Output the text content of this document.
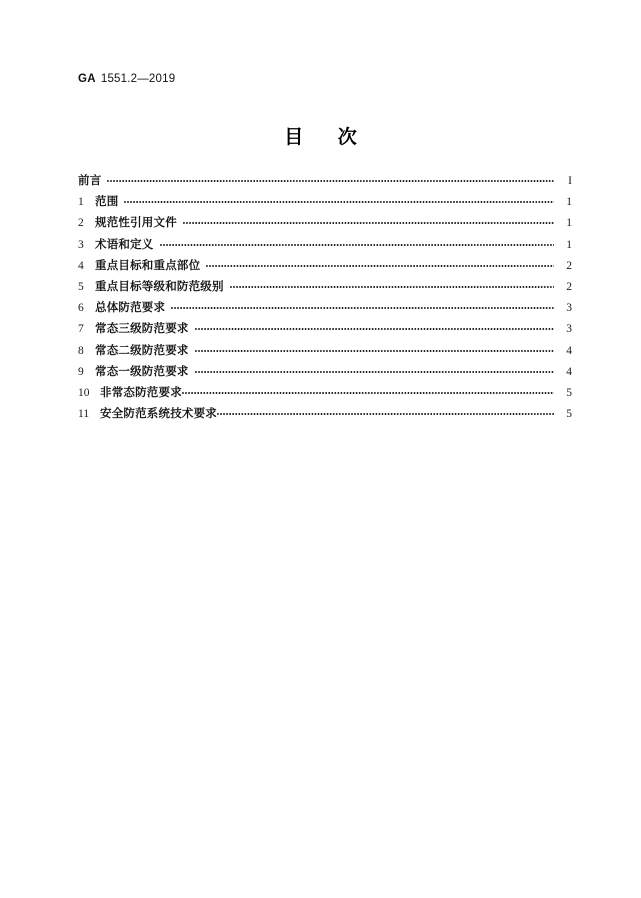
GA 1551.2—2019
目 次
前言	I
1 范围	1
2 规范性引用文件	1
3 术语和定义	1
4 重点目标和重点部位	2
5 重点目标等级和防范级别	2
6 总体防范要求	3
7 常态三级防范要求	3
8 常态二级防范要求	4
9 常态一级防范要求	4
10 非常态防范要求	5
11 安全防范系统技术要求	5
